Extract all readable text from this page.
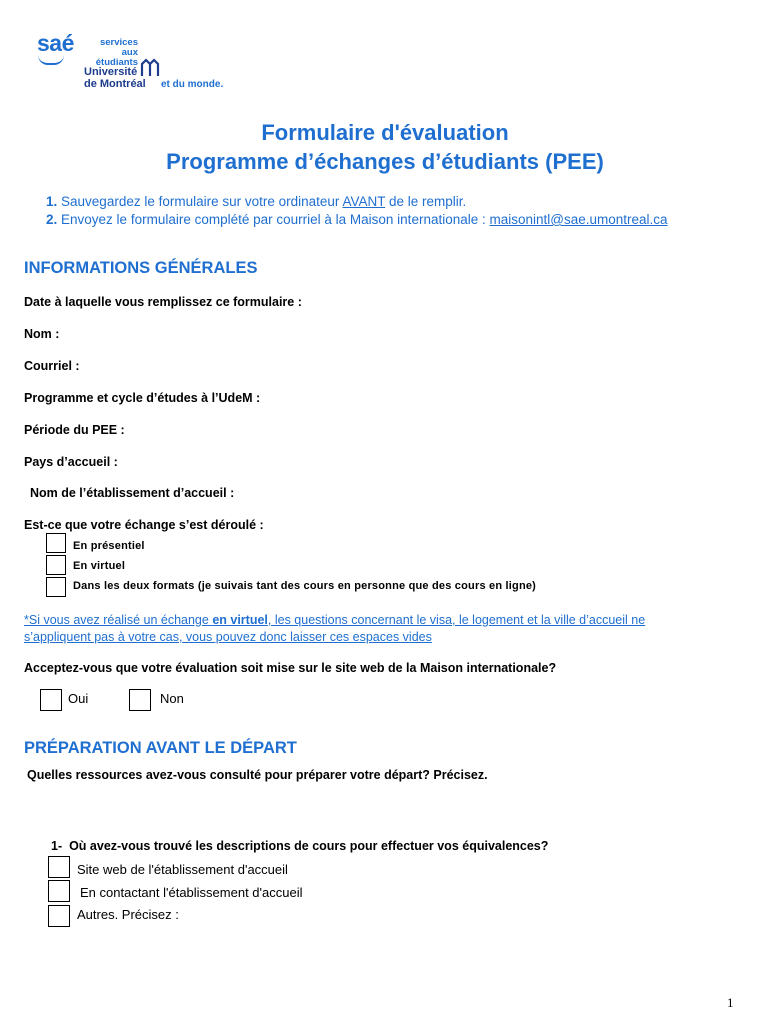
saé	services aux
étudiants
Université
de Montréal et du monde.
Formulaire d'évaluation
Programme d’échanges d’étudiants (PEE)
1. Sauvegardez le formulaire sur votre ordinateur AVANT de le remplir.
2. Envoyez le formulaire complété par courriel à la Maison internationale : maisonintl@sae.umontreal.ca
INFORMATIONS GÉNÉRALES
Date à laquelle vous remplissez ce formulaire :
Nom :
Courriel :
Programme et cycle d’études à l’UdeM :
Période du PEE :
Pays d’accueil :
Nom de l’établissement d’accueil :
Est-ce que votre échange s’est déroulé :
En présentiel
En virtuel
Dans les deux formats (je suivais tant des cours en personne que des cours en ligne)
*Si vous avez réalisé un échange en virtuel, les questions concernant le visa, le logement et la ville d’accueil ne
s’appliquent pas à votre cas, vous pouvez donc laisser ces espaces vides
Acceptez-vous que votre évaluation soit mise sur le site web de la Maison internationale?
Oui	Non
PRÉPARATION AVANT LE DÉPART
Quelles ressources avez-vous consulté pour préparer votre départ? Précisez.
1- Où avez-vous trouvé les descriptions de cours pour effectuer vos équivalences?
Site web de l'établissement d'accueil
En contactant l'établissement d'accueil
Autres. Précisez :
1
